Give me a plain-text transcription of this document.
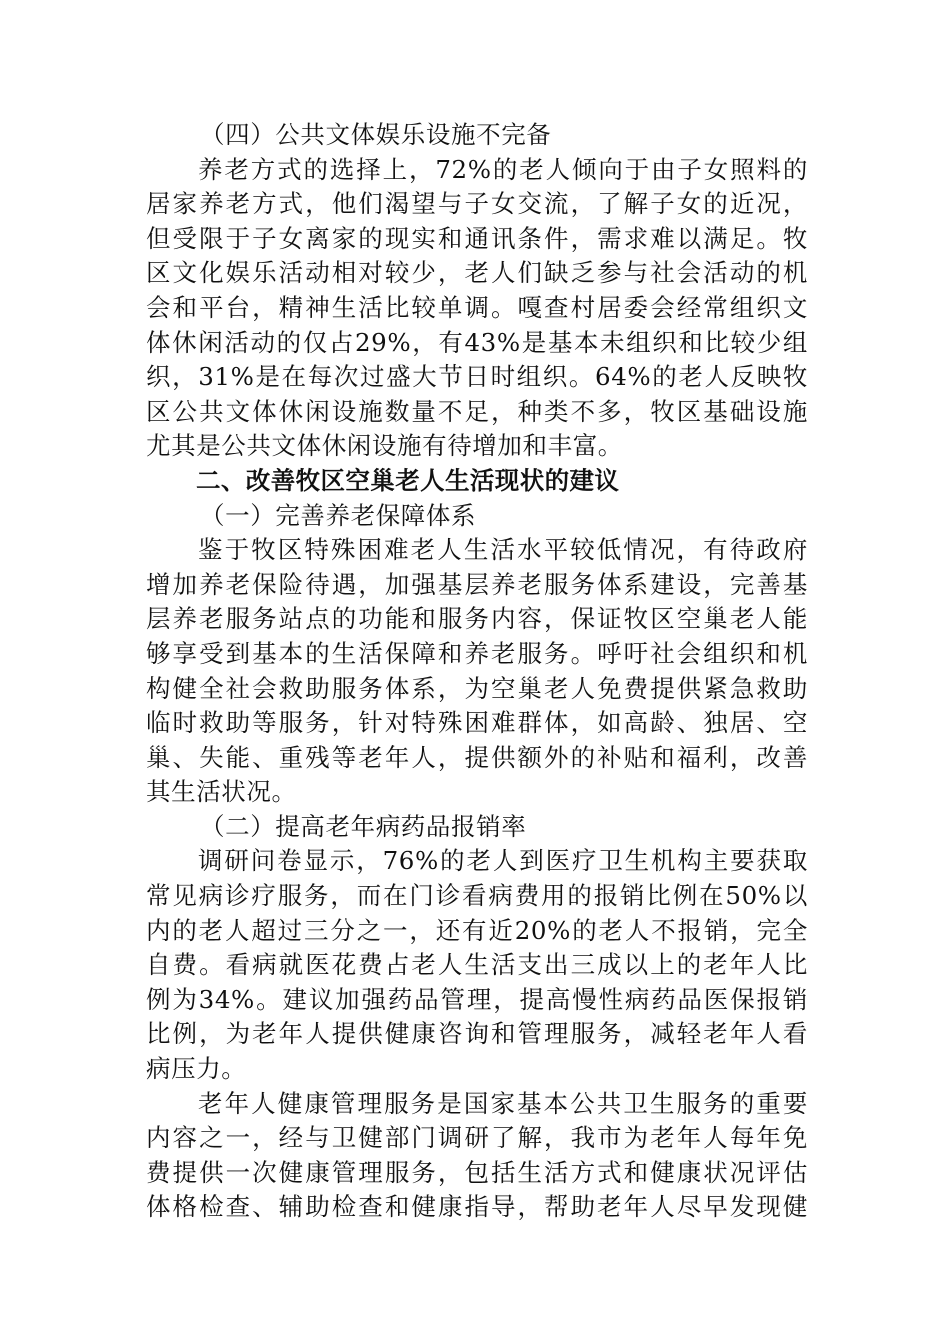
（四）公共文体娱乐设施不完备
养老方式的选择上，72%的老人倾向于由子女照料的
居家养老方式，他们渴望与子女交流，了解子女的近况，
但受限于子女离家的现实和通讯条件，需求难以满足。牧
区文化娱乐活动相对较少，老人们缺乏参与社会活动的机
会和平台，精神生活比较单调。嘎查村居委会经常组织文
体休闲活动的仅占29%，有43%是基本未组织和比较少组
织，31%是在每次过盛大节日时组织。64%的老人反映牧
区公共文体休闲设施数量不足，种类不多，牧区基础设施
尤其是公共文体休闲设施有待增加和丰富。
二、改善牧区空巢老人生活现状的建议
（一）完善养老保障体系
鉴于牧区特殊困难老人生活水平较低情况，有待政府
增加养老保险待遇，加强基层养老服务体系建设，完善基
层养老服务站点的功能和服务内容，保证牧区空巢老人能
够享受到基本的生活保障和养老服务。呼吁社会组织和机
构健全社会救助服务体系，为空巢老人免费提供紧急救助
临时救助等服务，针对特殊困难群体，如高龄、独居、空
巢、失能、重残等老年人，提供额外的补贴和福利，改善
其生活状况。
（二）提高老年病药品报销率
调研问卷显示，76%的老人到医疗卫生机构主要获取
常见病诊疗服务，而在门诊看病费用的报销比例在50%以
内的老人超过三分之一，还有近20%的老人不报销，完全
自费。看病就医花费占老人生活支出三成以上的老年人比
例为34%。建议加强药品管理，提高慢性病药品医保报销
比例，为老年人提供健康咨询和管理服务，减轻老年人看
病压力。
老年人健康管理服务是国家基本公共卫生服务的重要
内容之一，经与卫健部门调研了解，我市为老年人每年免
费提供一次健康管理服务，包括生活方式和健康状况评估
体格检查、辅助检查和健康指导，帮助老年人尽早发现健
